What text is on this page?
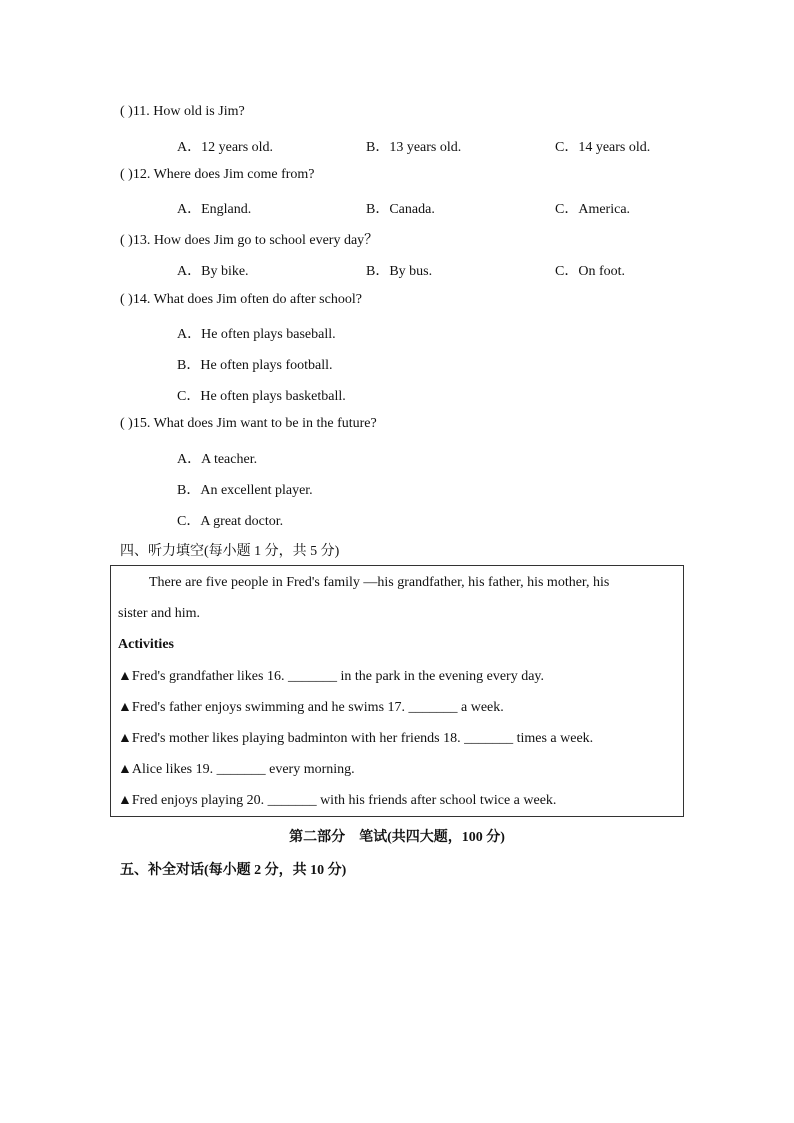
( )11. How old is Jim?
A．12 years old.	B．13 years old.	C．14 years old.
( )12. Where does Jim come from?
A．England.	B．Canada.	C．America.
( )13. How does Jim go to school every day？
A．By bike.	B．By bus.	C．On foot.
( )14. What does Jim often do after school?
A．He often plays baseball.
B．He often plays football.
C．He often plays basketball.
( )15. What does Jim want to be in the future?
A．A teacher.
B．An excellent player.
C．A great doctor.
四、听力填空(每小题 1 分，共 5 分)
There are five people in Fred's family —his grandfather, his father, his mother, his
sister and him.
Activities
▲Fred's grandfather likes 16. _______ in the park in the evening every day.
▲Fred's father enjoys swimming and he swims 17. _______ a week.
▲Fred's mother likes playing badminton with her friends 18. _______ times a week.
▲Alice likes 19. _______ every morning.
▲Fred enjoys playing 20. _______ with his friends after school twice a week.
第二部分　笔试(共四大题，100 分)
五、补全对话(每小题 2 分，共 10 分)
